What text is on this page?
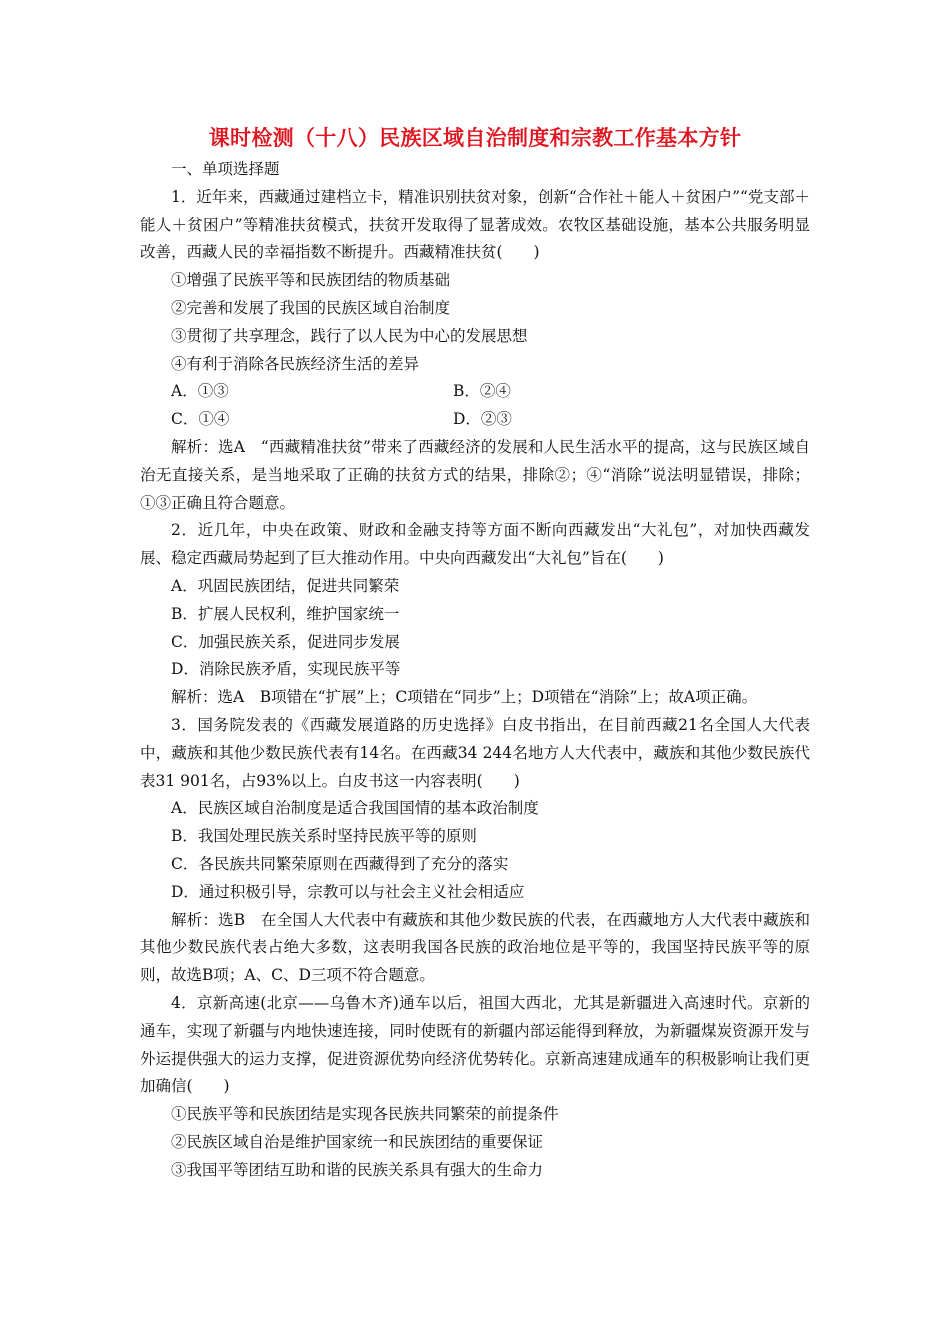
课时检测（十八）民族区域自治制度和宗教工作基本方针

一、单项选择题

1．近年来，西藏通过建档立卡，精准识别扶贫对象，创新“合作社＋能人＋贫困户”“党支部＋能人＋贫困户”等精准扶贫模式，扶贫开发取得了显著成效。农牧区基础设施，基本公共服务明显改善，西藏人民的幸福指数不断提升。西藏精准扶贫(　　)

①增强了民族平等和民族团结的物质基础

②完善和发展了我国的民族区域自治制度

③贯彻了共享理念，践行了以人民为中心的发展思想

④有利于消除各民族经济生活的差异

A．①③	B．②④
C．①④	D．②③

解析：选A　“西藏精准扶贫”带来了西藏经济的发展和人民生活水平的提高，这与民族区域自治无直接关系，是当地采取了正确的扶贫方式的结果，排除②；④“消除”说法明显错误，排除；①③正确且符合题意。

2．近几年，中央在政策、财政和金融支持等方面不断向西藏发出“大礼包”，对加快西藏发展、稳定西藏局势起到了巨大推动作用。中央向西藏发出“大礼包”旨在(　　)

A．巩固民族团结，促进共同繁荣

B．扩展人民权利，维护国家统一

C．加强民族关系，促进同步发展

D．消除民族矛盾，实现民族平等

解析：选A　B项错在“扩展”上；C项错在“同步”上；D项错在“消除”上；故A项正确。

3．国务院发表的《西藏发展道路的历史选择》白皮书指出，在目前西藏21名全国人大代表中，藏族和其他少数民族代表有14名。在西藏34 244名地方人大代表中，藏族和其他少数民族代表31 901名，占93%以上。白皮书这一内容表明(　　)

A．民族区域自治制度是适合我国国情的基本政治制度

B．我国处理民族关系时坚持民族平等的原则

C．各民族共同繁荣原则在西藏得到了充分的落实

D．通过积极引导，宗教可以与社会主义社会相适应

解析：选B　在全国人大代表中有藏族和其他少数民族的代表，在西藏地方人大代表中藏族和其他少数民族代表占绝大多数，这表明我国各民族的政治地位是平等的，我国坚持民族平等的原则，故选B项；A、C、D三项不符合题意。

4．京新高速(北京——乌鲁木齐)通车以后，祖国大西北，尤其是新疆进入高速时代。京新的通车，实现了新疆与内地快速连接，同时使既有的新疆内部运能得到释放，为新疆煤炭资源开发与外运提供强大的运力支撑，促进资源优势向经济优势转化。京新高速建成通车的积极影响让我们更加确信(　　)

①民族平等和民族团结是实现各民族共同繁荣的前提条件

②民族区域自治是维护国家统一和民族团结的重要保证

③我国平等团结互助和谐的民族关系具有强大的生命力
